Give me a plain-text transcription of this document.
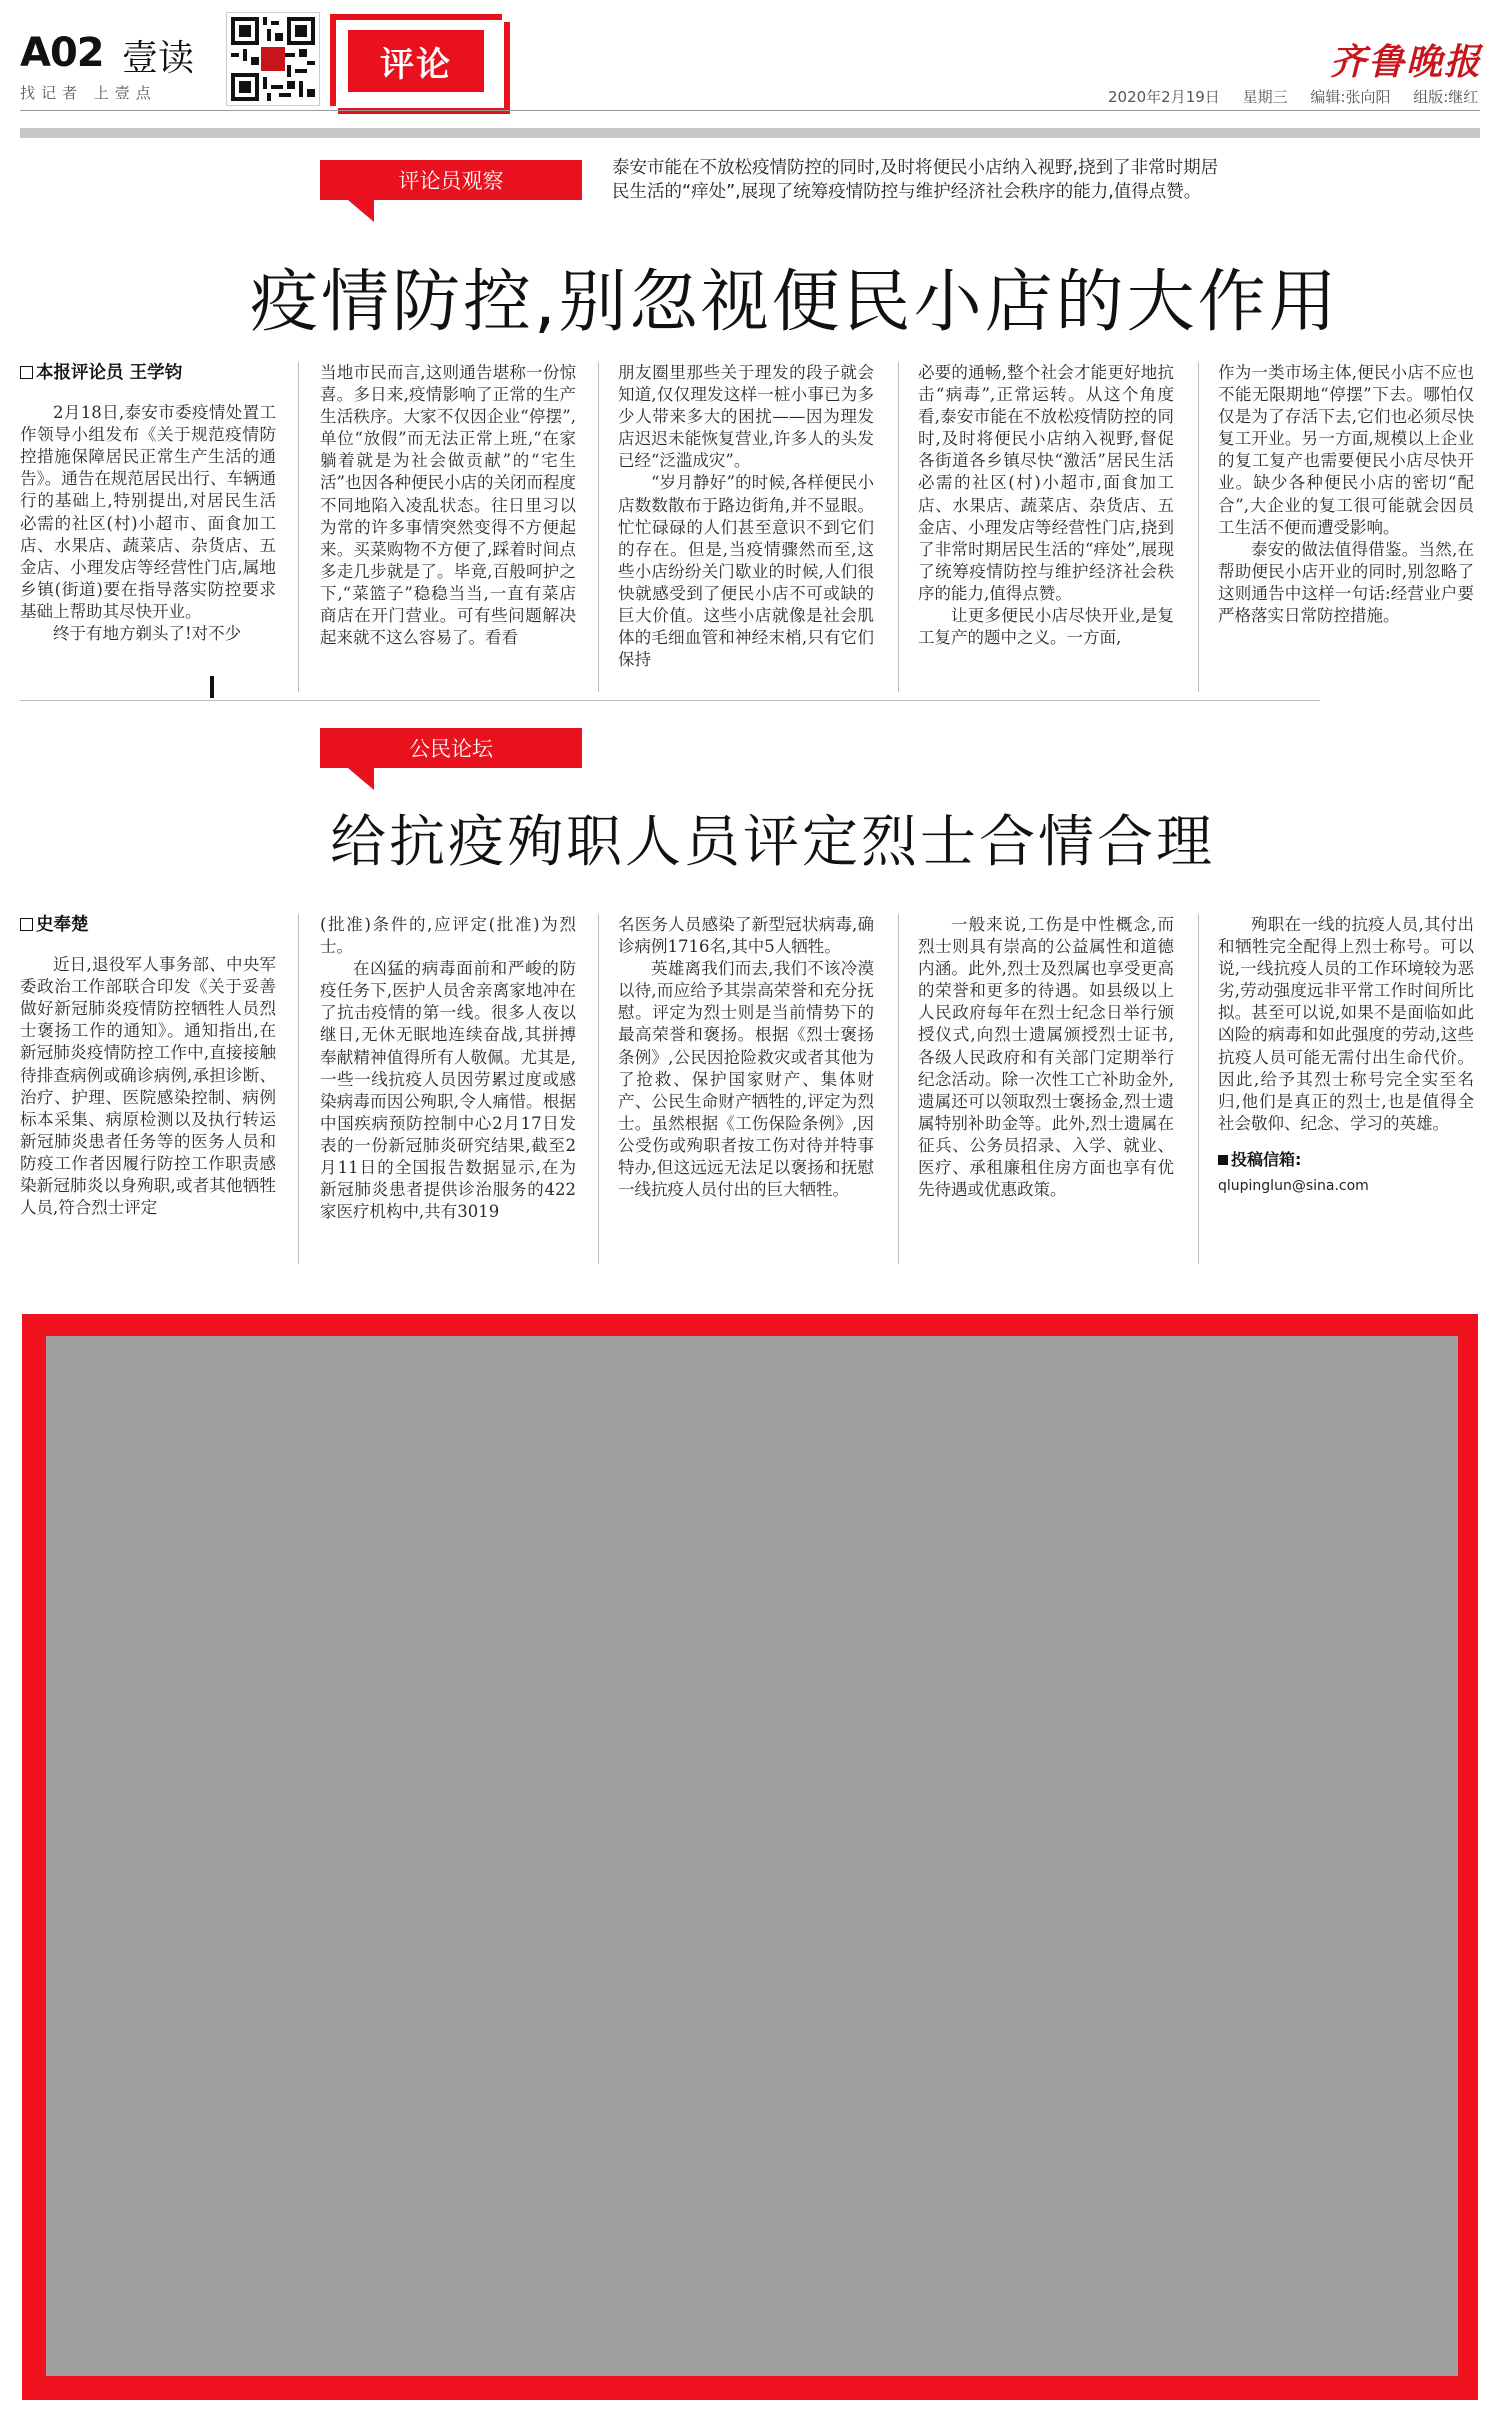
A02 壹读
找记者 上壹点
评论	齐鲁晚报
2020年2月19日 星期三 编辑:张向阳 组版:继红
评论员观察
泰安市能在不放松疫情防控的同时,及时将便民小店纳入视野,挠到了非常时期居民生活的“痒处”,展现了统筹疫情防控与维护经济社会秩序的能力,值得点赞。
疫情防控,别忽视便民小店的大作用
本报评论员 王学钧

2月18日,泰安市委疫情处置工作领导小组发布《关于规范疫情防控措施保障居民正常生产生活的通告》。通告在规范居民出行、车辆通行的基础上,特别提出,对居民生活必需的社区(村)小超市、面食加工店、水果店、蔬菜店、杂货店、五金店、小理发店等经营性门店,属地乡镇(街道)要在指导落实防控要求基础上帮助其尽快开业。

终于有地方剃头了!对不少

当地市民而言,这则通告堪称一份惊喜。多日来,疫情影响了正常的生产生活秩序。大家不仅因企业“停摆”,单位“放假”而无法正常上班,“在家躺着就是为社会做贡献”的“宅生活”也因各种便民小店的关闭而程度不同地陷入凌乱状态。往日里习以为常的许多事情突然变得不方便起来。买菜购物不方便了,踩着时间点多走几步就是了。毕竟,百般呵护之下,“菜篮子”稳稳当当,一直有菜店商店在开门营业。可有些问题解决起来就不这么容易了。看看

朋友圈里那些关于理发的段子就会知道,仅仅理发这样一桩小事已为多少人带来多大的困扰——因为理发店迟迟未能恢复营业,许多人的头发已经“泛滥成灾”。

“岁月静好”的时候,各样便民小店数数散布于路边街角,并不显眼。忙忙碌碌的人们甚至意识不到它们的存在。但是,当疫情骤然而至,这些小店纷纷关门歇业的时候,人们很快就感受到了便民小店不可或缺的巨大价值。这些小店就像是社会肌体的毛细血管和神经末梢,只有它们保持

必要的通畅,整个社会才能更好地抗击“病毒”,正常运转。从这个角度看,泰安市能在不放松疫情防控的同时,及时将便民小店纳入视野,督促各街道各乡镇尽快“激活”居民生活必需的社区(村)小超市,面食加工店、水果店、蔬菜店、杂货店、五金店、小理发店等经营性门店,挠到了非常时期居民生活的“痒处”,展现了统筹疫情防控与维护经济社会秩序的能力,值得点赞。

让更多便民小店尽快开业,是复工复产的题中之义。一方面,

作为一类市场主体,便民小店不应也不能无限期地“停摆”下去。哪怕仅仅是为了存活下去,它们也必须尽快复工开业。另一方面,规模以上企业的复工复产也需要便民小店尽快开业。缺少各种便民小店的密切“配合”,大企业的复工很可能就会因员工生活不便而遭受影响。

泰安的做法值得借鉴。当然,在帮助便民小店开业的同时,别忽略了这则通告中这样一句话:经营业户要严格落实日常防控措施。

公民论坛
给抗疫殉职人员评定烈士合情合理
史奉楚

近日,退役军人事务部、中央军委政治工作部联合印发《关于妥善做好新冠肺炎疫情防控牺牲人员烈士褒扬工作的通知》。通知指出,在新冠肺炎疫情防控工作中,直接接触待排查病例或确诊病例,承担诊断、治疗、护理、医院感染控制、病例标本采集、病原检测以及执行转运新冠肺炎患者任务等的医务人员和防疫工作者因履行防控工作职责感染新冠肺炎以身殉职,或者其他牺牲人员,符合烈士评定

(批准)条件的,应评定(批准)为烈士。

在凶猛的病毒面前和严峻的防疫任务下,医护人员舍亲离家地冲在了抗击疫情的第一线。很多人夜以继日,无休无眠地连续奋战,其拼搏奉献精神值得所有人敬佩。尤其是,一些一线抗疫人员因劳累过度或感染病毒而因公殉职,令人痛惜。根据中国疾病预防控制中心2月17日发表的一份新冠肺炎研究结果,截至2月11日的全国报告数据显示,在为新冠肺炎患者提供诊治服务的422家医疗机构中,共有3019

名医务人员感染了新型冠状病毒,确诊病例1716名,其中5人牺牲。

英雄离我们而去,我们不该冷漠以待,而应给予其崇高荣誉和充分抚慰。评定为烈士则是当前情势下的最高荣誉和褒扬。根据《烈士褒扬条例》,公民因抢险救灾或者其他为了抢救、保护国家财产、集体财产、公民生命财产牺牲的,评定为烈士。虽然根据《工伤保险条例》,因公受伤或殉职者按工伤对待并特事特办,但这远远无法足以褒扬和抚慰一线抗疫人员付出的巨大牺牲。

一般来说,工伤是中性概念,而烈士则具有崇高的公益属性和道德内涵。此外,烈士及烈属也享受更高的荣誉和更多的待遇。如县级以上人民政府每年在烈士纪念日举行颁授仪式,向烈士遗属颁授烈士证书,各级人民政府和有关部门定期举行纪念活动。除一次性工亡补助金外,遗属还可以领取烈士褒扬金,烈士遗属特别补助金等。此外,烈士遗属在征兵、公务员招录、入学、就业、医疗、承租廉租住房方面也享有优先待遇或优惠政策。

殉职在一线的抗疫人员,其付出和牺牲完全配得上烈士称号。可以说,一线抗疫人员的工作环境较为恶劣,劳动强度远非平常工作时间所比拟。甚至可以说,如果不是面临如此凶险的病毒和如此强度的劳动,这些抗疫人员可能无需付出生命代价。因此,给予其烈士称号完全实至名归,他们是真正的烈士,也是值得全社会敬仰、纪念、学习的英雄。

投稿信箱:
qlupinglun@sina.com
